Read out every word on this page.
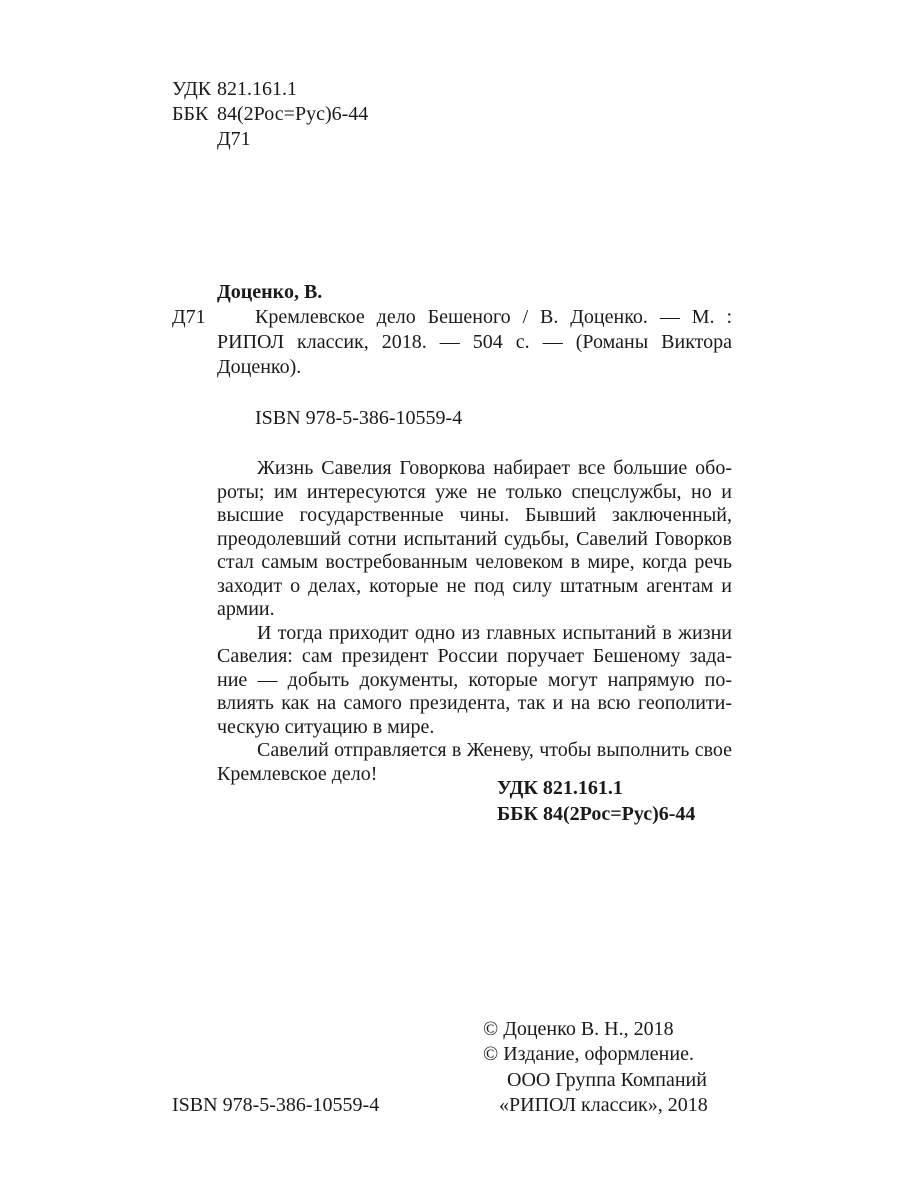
УДК 821.161.1
ББК 84(2Рос=Рус)6-44
Д71
Доценко, В.
Д71 Кремлевское дело Бешеного / В. Доценко. — М. :
РИПОЛ классик, 2018. — 504 с. — (Романы Виктора
Доценко).
ISBN 978-5-386-10559-4
Жизнь Савелия Говоркова набирает все большие обо-
роты; им интересуются уже не только спецслужбы, но и
высшие государственные чины. Бывший заключенный,
преодолевший сотни испытаний судьбы, Савелий Говорков
стал самым востребованным человеком в мире, когда речь
заходит о делах, которые не под силу штатным агентам и
армии.
И тогда приходит одно из главных испытаний в жизни
Савелия: сам президент России поручает Бешеному зада-
ние — добыть документы, которые могут напрямую по-
влиять как на самого президента, так и на всю геополити-
ческую ситуацию в мире.
Савелий отправляется в Женеву, чтобы выполнить свое
Кремлевское дело!
УДК 821.161.1
ББК 84(2Рос=Рус)6-44
© Доценко В. Н., 2018
© Издание, оформление.
ООО Группа Компаний
ISBN 978-5-386-10559-4	«РИПОЛ классик», 2018
